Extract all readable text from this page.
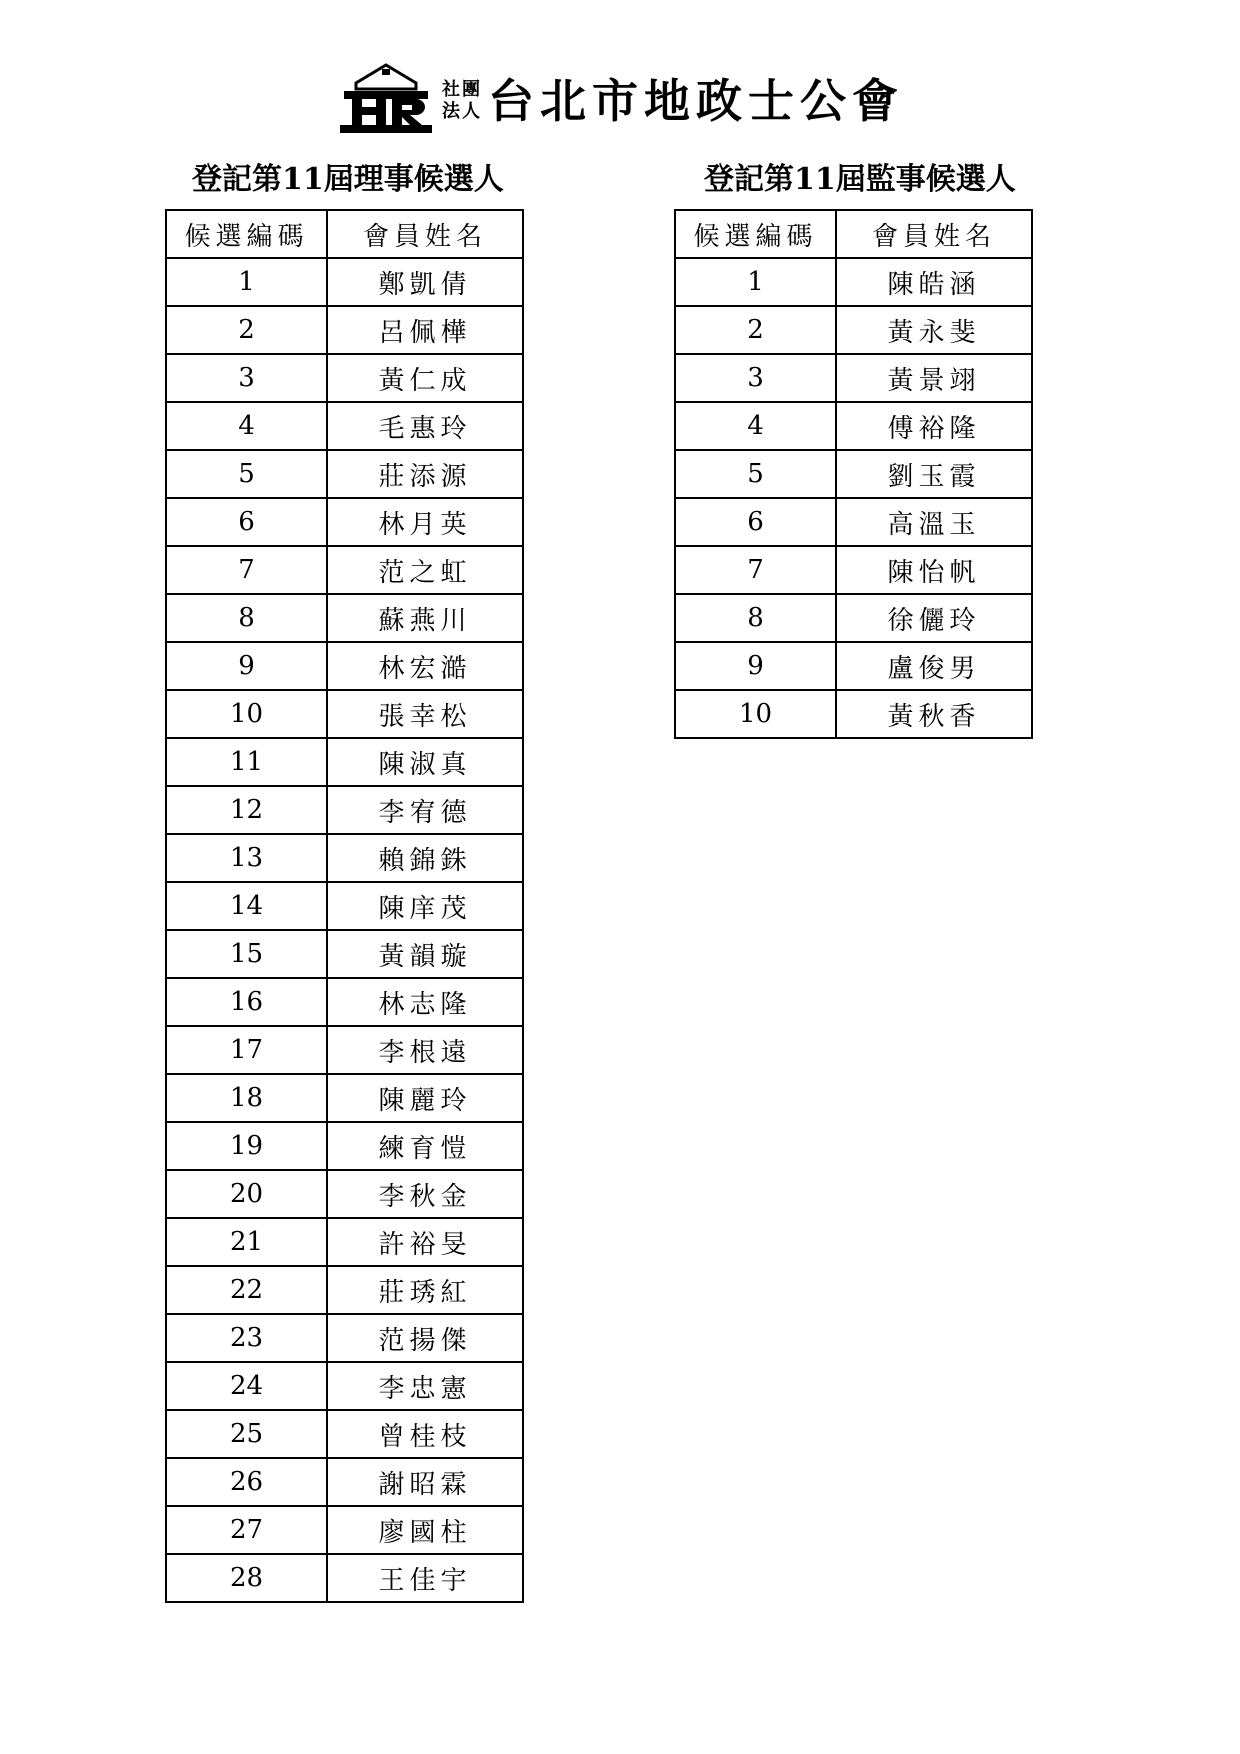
社團
法人 台北市地政士公會
登記第11屆理事候選人	登記第11屆監事候選人
候選編碼	會員姓名
1	鄭凱倩
2	呂佩樺
3	黃仁成
4	毛惠玲
5	莊添源
6	林月英
7	范之虹
8	蘇燕川
9	林宏澔
10	張幸松
11	陳淑真
12	李宥德
13	賴錦銖
14	陳庠茂
15	黃韻璇
16	林志隆
17	李根遠
18	陳麗玲
19	練育愷
20	李秋金
21	許裕旻
22	莊琇紅
23	范揚傑
24	李忠憲
25	曾桂枝
26	謝昭霖
27	廖國柱
28	王佳宇
候選編碼	會員姓名
1	陳皓涵
2	黃永斐
3	黃景翊
4	傅裕隆
5	劉玉霞
6	高溫玉
7	陳怡帆
8	徐儷玲
9	盧俊男
10	黃秋香
